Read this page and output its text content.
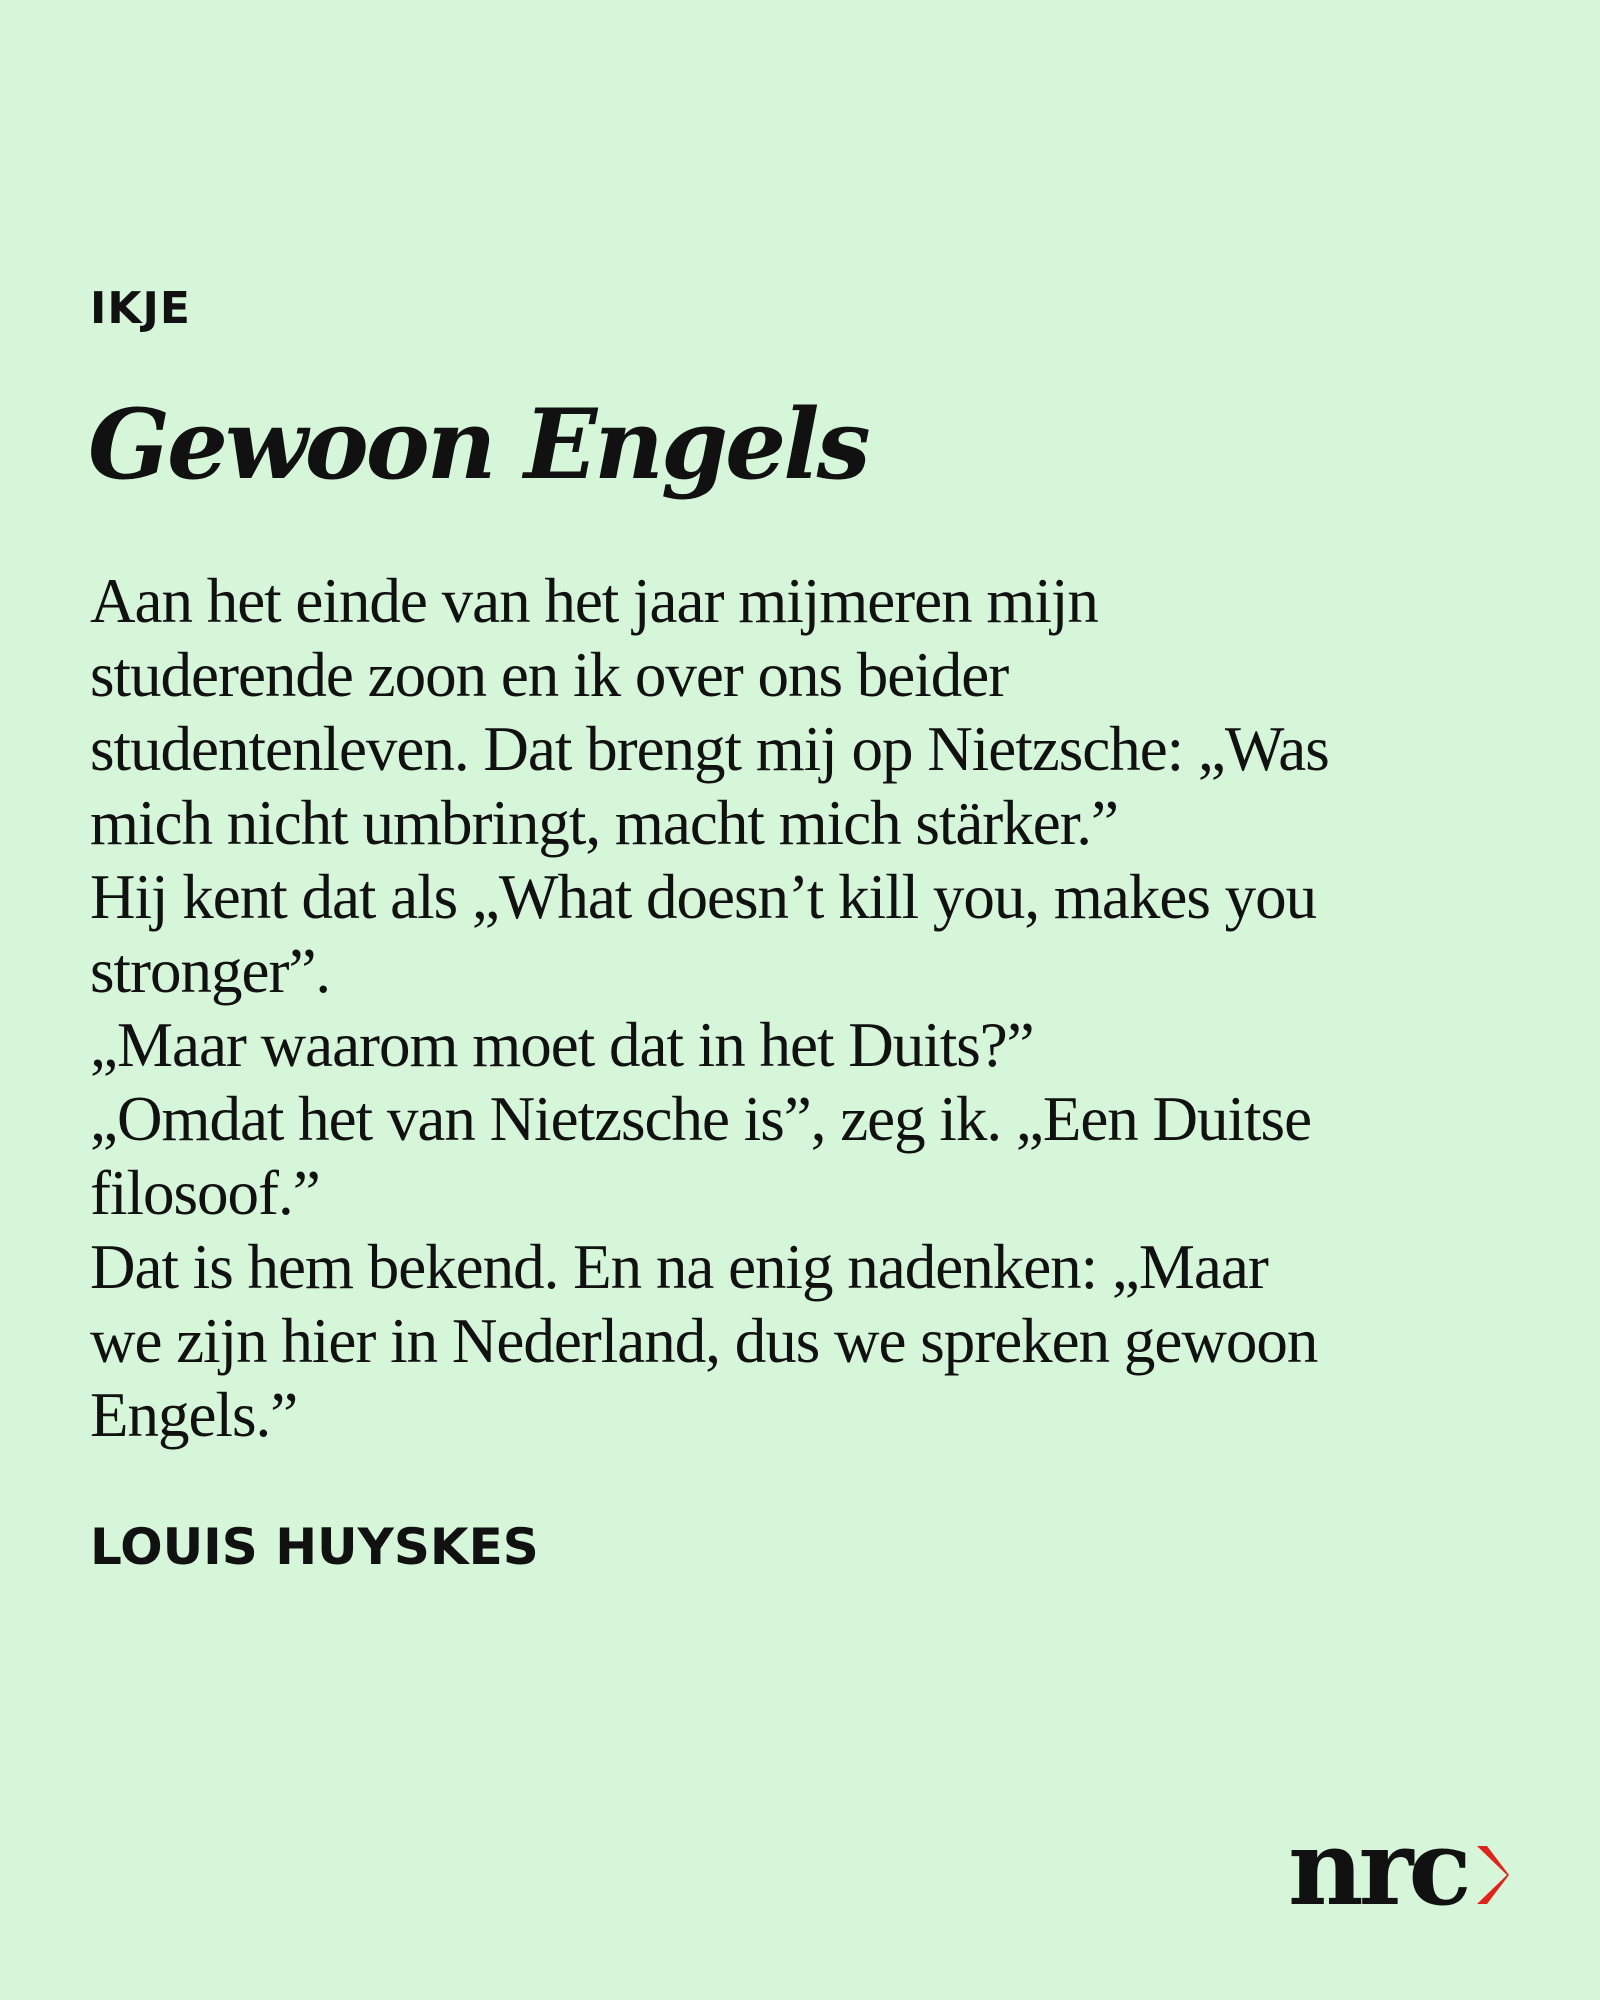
IKJE
Gewoon Engels
Aan het einde van het jaar mijmeren mijn
studerende zoon en ik over ons beider
studentenleven. Dat brengt mij op Nietzsche: „Was
mich nicht umbringt, macht mich stärker.”
Hij kent dat als „What doesn’t kill you, makes you
stronger”.
„Maar waarom moet dat in het Duits?”
„Omdat het van Nietzsche is”, zeg ik. „Een Duitse
filosoof.”
Dat is hem bekend. En na enig nadenken: „Maar
we zijn hier in Nederland, dus we spreken gewoon
Engels.”
LOUIS HUYSKES
nrc
